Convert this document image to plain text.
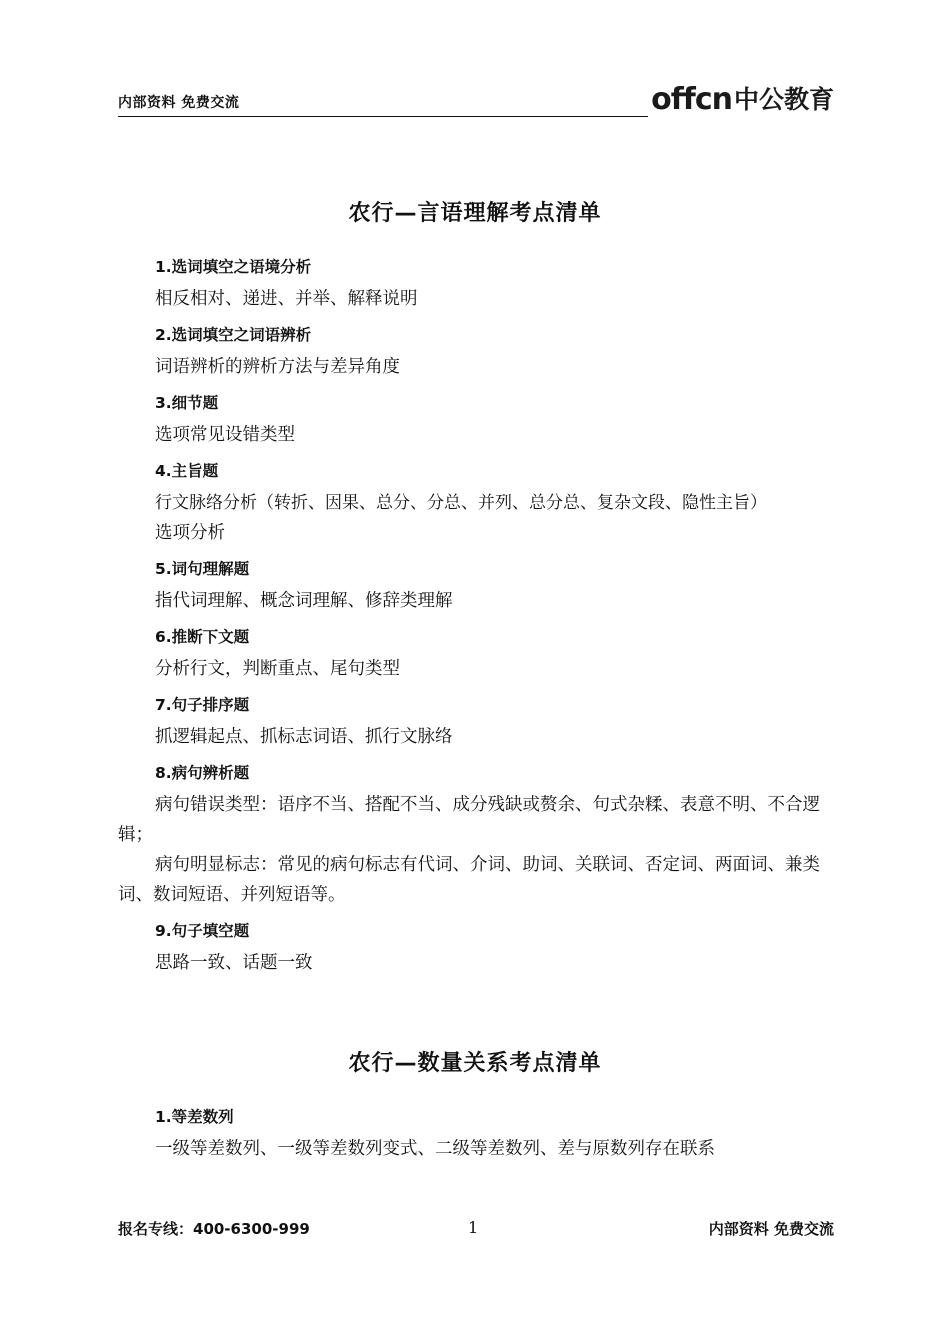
内部资料 免费交流	offcn 中公教育
农行—言语理解考点清单
1.选词填空之语境分析
相反相对、递进、并举、解释说明
2.选词填空之词语辨析
词语辨析的辨析方法与差异角度
3.细节题
选项常见设错类型
4.主旨题
行文脉络分析（转折、因果、总分、分总、并列、总分总、复杂文段、隐性主旨）
选项分析
5.词句理解题
指代词理解、概念词理解、修辞类理解
6.推断下文题
分析行文，判断重点、尾句类型
7.句子排序题
抓逻辑起点、抓标志词语、抓行文脉络
8.病句辨析题
病句错误类型：语序不当、搭配不当、成分残缺或赘余、句式杂糅、表意不明、不合逻辑；
病句明显标志：常见的病句标志有代词、介词、助词、关联词、否定词、两面词、兼类词、数词短语、并列短语等。
9.句子填空题
思路一致、话题一致
农行—数量关系考点清单
1.等差数列
一级等差数列、一级等差数列变式、二级等差数列、差与原数列存在联系
报名专线：400-6300-999	1	内部资料 免费交流
